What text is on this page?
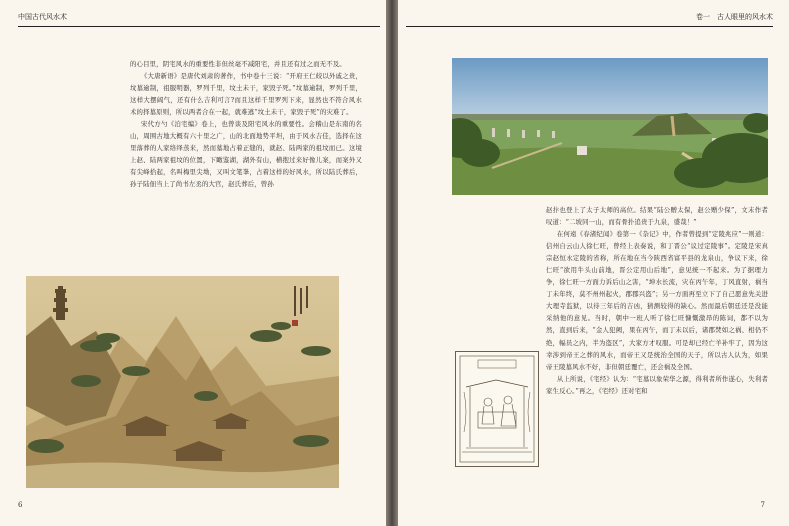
中国古代风水术

的心目里，阴宅风水的重要性非但丝毫不减阳宅，并且还有过之而无不及。

《大唐新语》是唐代刘肃的著作，书中卷十三说：“开府王仁皎以外戚之贵，坟墓逾制，祖服明器，罗列千里，坟土未干，家毁子死。”坟墓逾制，罗列千里，这样大摆阔气，还有什么吉利可言?而且这样千里罗列下来，显然也不符合风水术的择墓原则，所以两者合在一起，就难逃“坟土未干，家毁子死”的灾难了。

宋代方勺《泊宅编》卷上，也曾谈及阳宅风水的重要性。会稽山是东南的名山，周围古地大概有六十里之广，山的北面地势平坦，由于风水吉佳，选择在这里落葬的人家络绎蒸来，然而墓地占着正缝的，就赵、陆两家的祖坟而已。这境上赵、陆两家祖坟的位置，下瞰鉴湖，湖外有山，横抱过来好像儿案，而案外又有尖峰拾起，名叫梅里尖坳，又叫文笔峯，占着这样的好风水，所以陆氏葬后，孙子陆佃当上了尚书左丞的大官，赵氏葬后，曾孙

6
卷一　古人眼里的风水术

赵抃也登上了太子太师的高位。结果“陆公赠太保，赵公赠少保”，文末作者叹道：“二坡同一山，而有骨扑追贵于九泉，盛哉！”

在何遠《春渚纪闻》卷第一《杂记》中，作者曾提到“定陵兆应”一则道：信州自云山人徐仁旺，曾经上表奏说，和丁晋公“议过定陵事”。定陵是宋真宗赵恒永定陵的省称，所在地在当今陕西省富平县的龙泉山，争议下来，徐仁旺“欲用牛头山前地，晋公定用山后地”，意见统一不起来。为了据理力争，徐仁旺一方面力诉后山之害，“坤水长流，灾在丙午年，丁风直射，祸当丁未年终，莫不州州起火，郡郡兴盗”；另一方面再至立下了自己愿意先关进大理寺监狱，以待三年后的吉凶，猜测较得的缺心。然而最后朝廷还是没能采纳他的意见。当时，朝中一班人听了徐仁旺慷慨激昂的陈词，都不以为然，直到后来，“金人犯阙，果在丙午，而丁未以后，诸郡焚如之祸、相仍不绝，幅员之内，半为盗区”，大家方才叹服。可是却已经亡羊补牢了，因为这幸涉到帝王之葬的风水，而帝王又是统治全国的天子，所以古人认为，如果帝王陵墓风水不好，非但朝廷覆亡，还会祸及全国。

从上所说，《宅经》认为：“宅墓以象荣华之源，得利者所作遂心，失利者家生反心。”再之，《宅经》还对宅和

7
